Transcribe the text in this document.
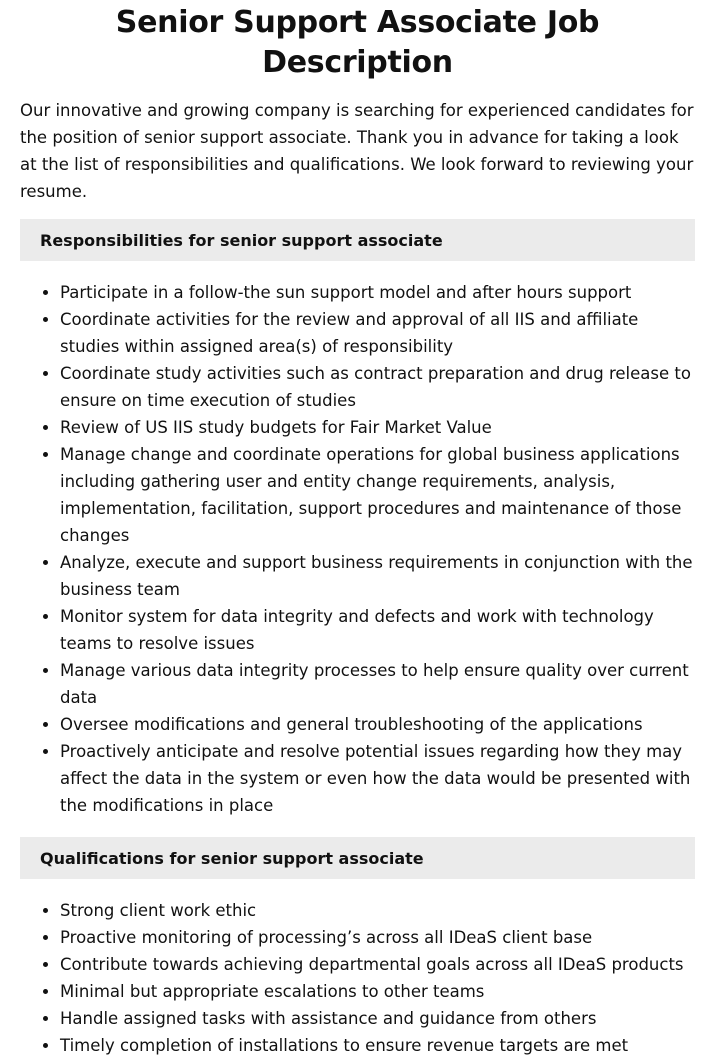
Senior Support Associate Job Description

Our innovative and growing company is searching for experienced candidates for the position of senior support associate. Thank you in advance for taking a look at the list of responsibilities and qualifications. We look forward to reviewing your resume.

Responsibilities for senior support associate
• Participate in a follow-the sun support model and after hours support
• Coordinate activities for the review and approval of all IIS and affiliate studies within assigned area(s) of responsibility
• Coordinate study activities such as contract preparation and drug release to ensure on time execution of studies
• Review of US IIS study budgets for Fair Market Value
• Manage change and coordinate operations for global business applications including gathering user and entity change requirements, analysis, implementation, facilitation, support procedures and maintenance of those changes
• Analyze, execute and support business requirements in conjunction with the business team
• Monitor system for data integrity and defects and work with technology teams to resolve issues
• Manage various data integrity processes to help ensure quality over current data
• Oversee modifications and general troubleshooting of the applications
• Proactively anticipate and resolve potential issues regarding how they may affect the data in the system or even how the data would be presented with the modifications in place
Qualifications for senior support associate
• Strong client work ethic
• Proactive monitoring of processing’s across all IDeaS client base
• Contribute towards achieving departmental goals across all IDeaS products
• Minimal but appropriate escalations to other teams
• Handle assigned tasks with assistance and guidance from others
• Timely completion of installations to ensure revenue targets are met
